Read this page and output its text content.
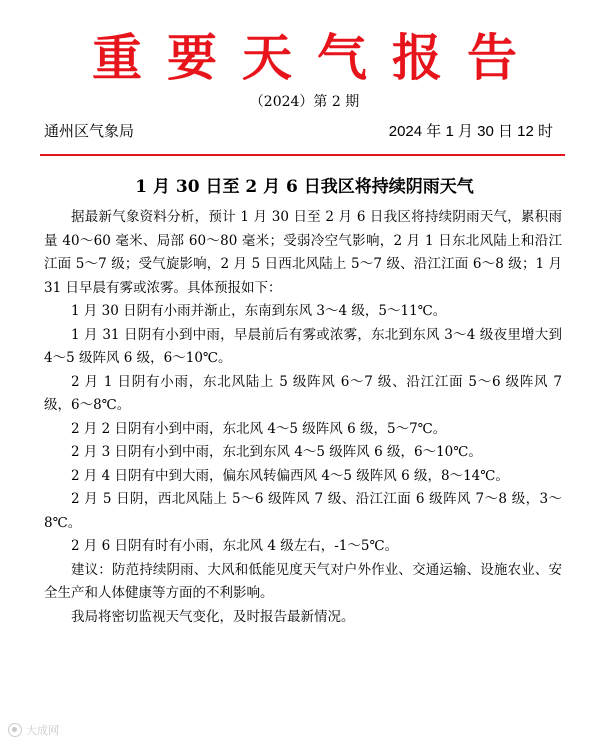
重要天气报告
（2024）第 2 期
通州区气象局	2024 年 1 月 30 日 12 时
1 月 30 日至 2 月 6 日我区将持续阴雨天气

据最新气象资料分析，预计 1 月 30 日至 2 月 6 日我区将持续阴雨天气，累积雨量 40～60 毫米、局部 60～80 毫米；受弱冷空气影响，2 月 1 日东北风陆上和沿江江面 5～7 级；受气旋影响，2 月 5 日西北风陆上 5～7 级、沿江江面 6～8 级；1 月 31 日早晨有雾或浓雾。具体预报如下：

1 月 30 日阴有小雨并渐止，东南到东风 3～4 级，5～11℃。

1 月 31 日阴有小到中雨，早晨前后有雾或浓雾，东北到东风 3～4 级夜里增大到 4～5 级阵风 6 级，6～10℃。

2 月 1 日阴有小雨，东北风陆上 5 级阵风 6～7 级、沿江江面 5～6 级阵风 7 级，6～8℃。

2 月 2 日阴有小到中雨，东北风 4～5 级阵风 6 级，5～7℃。

2 月 3 日阴有小到中雨，东北到东风 4～5 级阵风 6 级，6～10℃。

2 月 4 日阴有中到大雨，偏东风转偏西风 4～5 级阵风 6 级，8～14℃。

2 月 5 日阴，西北风陆上 5～6 级阵风 7 级、沿江江面 6 级阵风 7～8 级，3～8℃。

2 月 6 日阴有时有小雨，东北风 4 级左右，-1～5℃。

建议：防范持续阴雨、大风和低能见度天气对户外作业、交通运输、设施农业、安全生产和人体健康等方面的不利影响。

我局将密切监视天气变化，及时报告最新情况。

大成网
